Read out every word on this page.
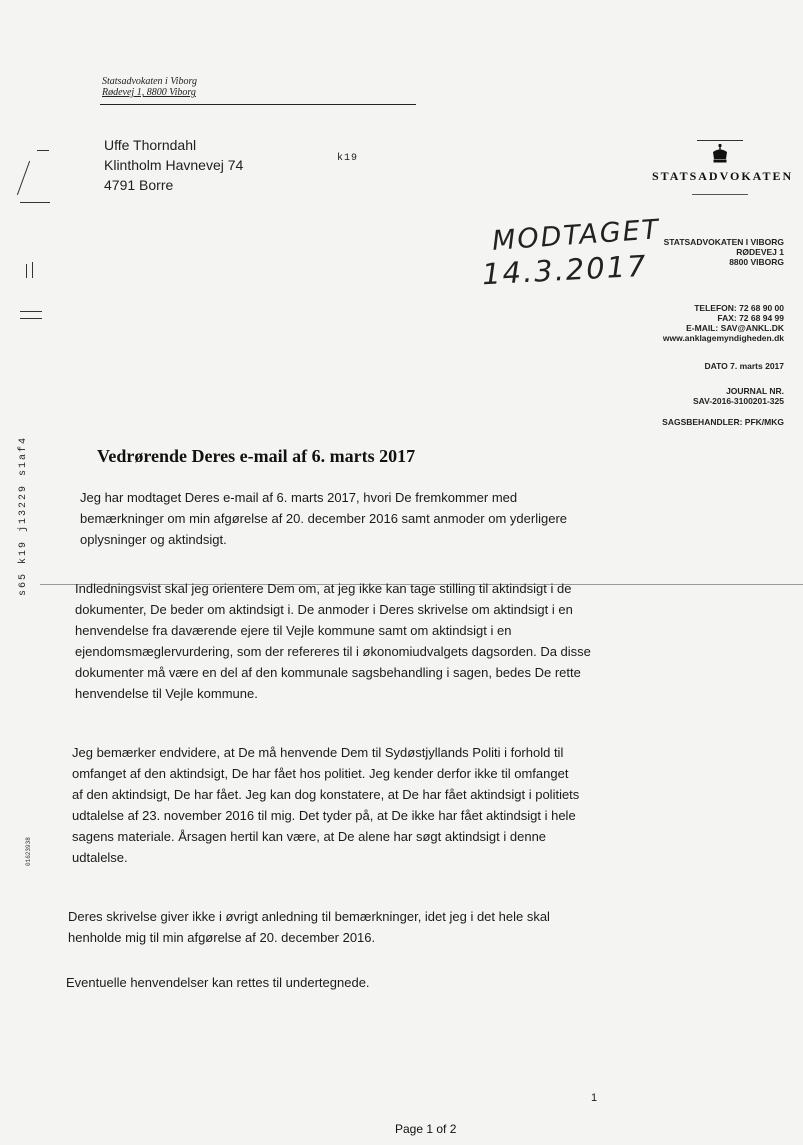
Statsadvokaten i Viborg
Rødevej 1, 8800 Viborg
Uffe Thorndahl
Klintholm Havnevej 74
4791 Borre
k19
STATSADVOKATEN
MODTAGET
14.3.2017
STATSADVOKATEN I VIBORG
RØDEVEJ 1
8800 VIBORG
TELEFON: 72 68 90 00
FAX: 72 68 94 99
E-MAIL: SAV@ANKL.DK
www.anklagemyndigheden.dk
DATO 7. marts 2017
JOURNAL NR.
SAV-2016-3100201-325
SAGSBEHANDLER: PFK/MKG
s65 k19 j13229 s1af4
01623938
Vedrørende Deres e-mail af 6. marts 2017
Jeg har modtaget Deres e-mail af 6. marts 2017, hvori De fremkommer med
bemærkninger om min afgørelse af 20. december 2016 samt anmoder om yderligere
oplysninger og aktindsigt.
Indledningsvist skal jeg orientere Dem om, at jeg ikke kan tage stilling til aktindsigt i de
dokumenter, De beder om aktindsigt i. De anmoder i Deres skrivelse om aktindsigt i en
henvendelse fra daværende ejere til Vejle kommune samt om aktindsigt i en
ejendomsmæglervurdering, som der refereres til i økonomiudvalgets dagsorden. Da disse
dokumenter må være en del af den kommunale sagsbehandling i sagen, bedes De rette
henvendelse til Vejle kommune.
Jeg bemærker endvidere, at De må henvende Dem til Sydøstjyllands Politi i forhold til
omfanget af den aktindsigt, De har fået hos politiet. Jeg kender derfor ikke til omfanget
af den aktindsigt, De har fået. Jeg kan dog konstatere, at De har fået aktindsigt i politiets
udtalelse af 23. november 2016 til mig. Det tyder på, at De ikke har fået aktindsigt i hele
sagens materiale. Årsagen hertil kan være, at De alene har søgt aktindsigt i denne
udtalelse.
Deres skrivelse giver ikke i øvrigt anledning til bemærkninger, idet jeg i det hele skal
henholde mig til min afgørelse af 20. december 2016.
Eventuelle henvendelser kan rettes til undertegnede.
1
Page 1 of 2
